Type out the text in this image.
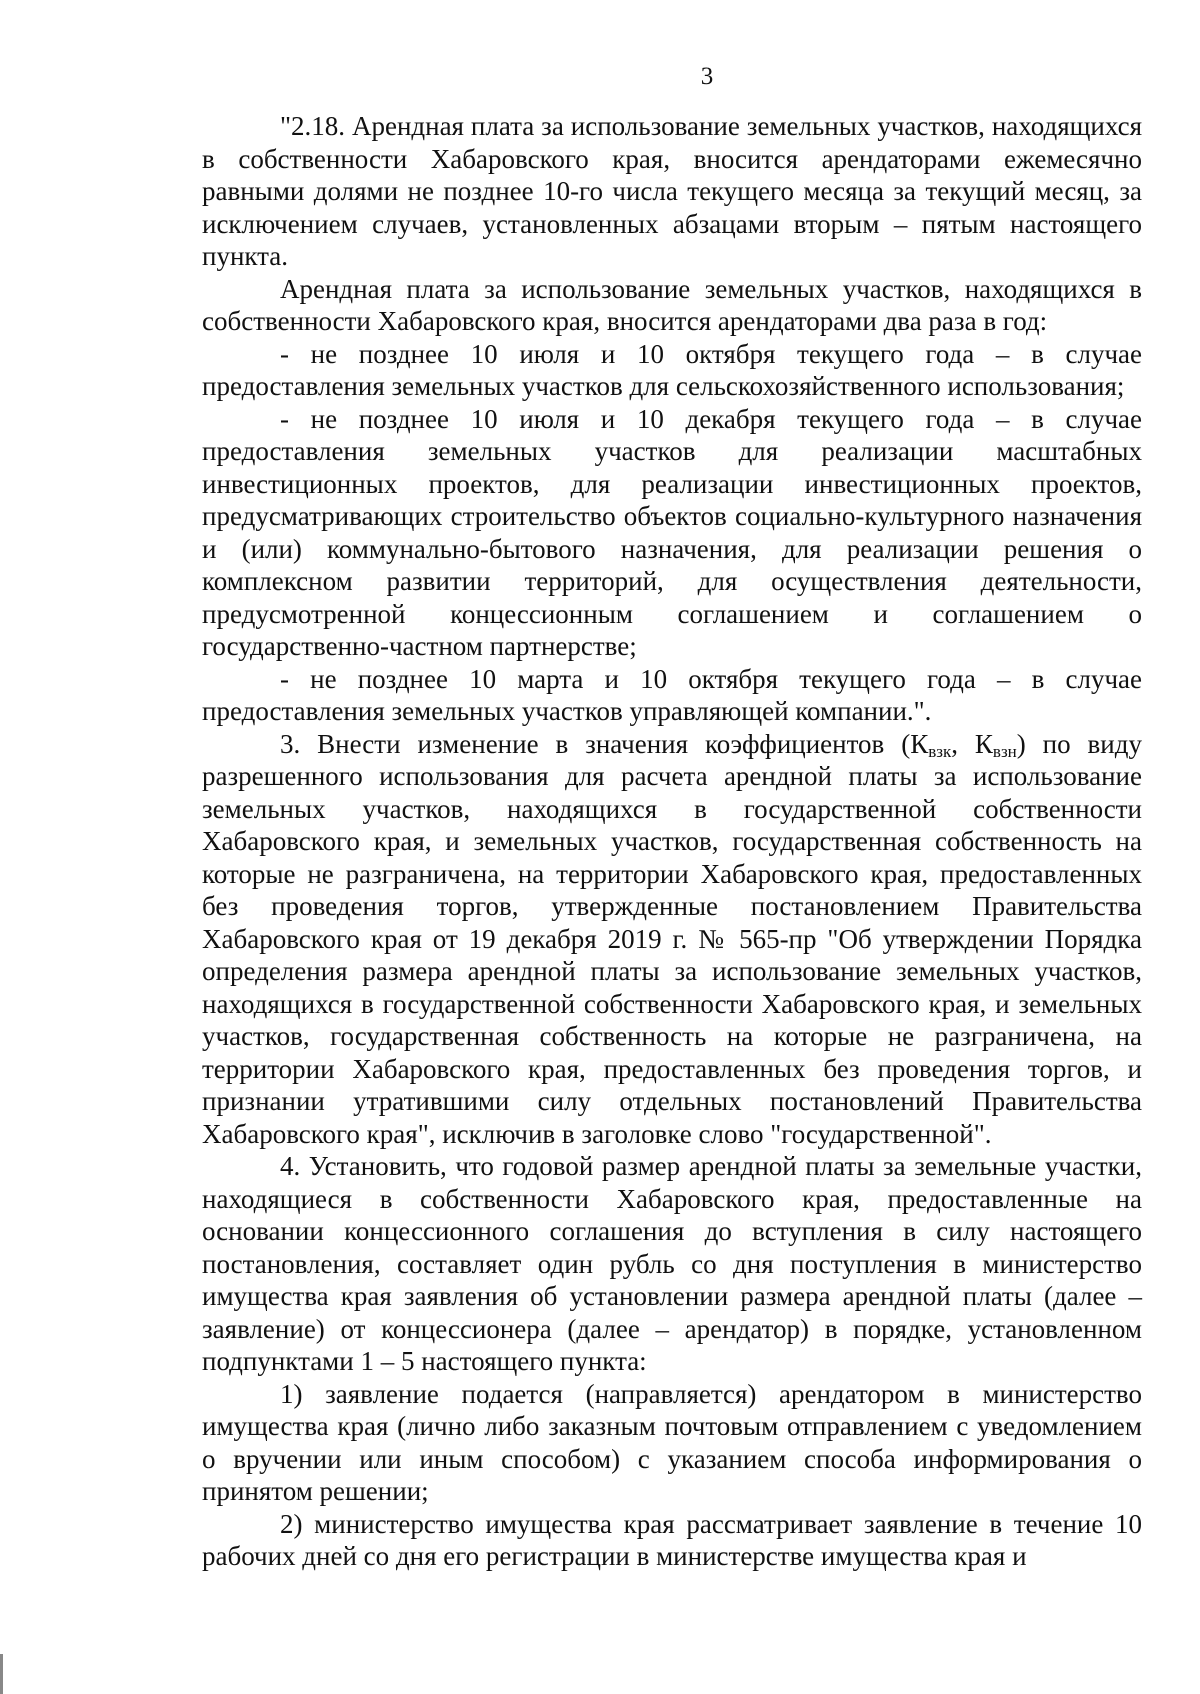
3

"2.18. Арендная плата за использование земельных участков, находящихся в собственности Хабаровского края, вносится арендаторами ежемесячно равными долями не позднее 10-го числа текущего месяца за текущий месяц, за исключением случаев, установленных абзацами вторым – пятым настоящего пункта.

Арендная плата за использование земельных участков, находящихся в собственности Хабаровского края, вносится арендаторами два раза в год:

- не позднее 10 июля и 10 октября текущего года – в случае предоставления земельных участков для сельскохозяйственного использования;

- не позднее 10 июля и 10 декабря текущего года – в случае предоставления земельных участков для реализации масштабных инвестиционных проектов, для реализации инвестиционных проектов, предусматривающих строительство объектов социально-культурного назначения и (или) коммунально-бытового назначения, для реализации решения о комплексном развитии территорий, для осуществления деятельности, предусмотренной концессионным соглашением и соглашением о государственно-частном партнерстве;

- не позднее 10 марта и 10 октября текущего года – в случае предоставления земельных участков управляющей компании.".

3. Внести изменение в значения коэффициентов ($К_{взк}$, $К_{взн}$) по виду разрешенного использования для расчета арендной платы за использование земельных участков, находящихся в государственной собственности Хабаровского края, и земельных участков, государственная собственность на которые не разграничена, на территории Хабаровского края, предоставленных без проведения торгов, утвержденные постановлением Правительства Хабаровского края от 19 декабря 2019 г. № 565-пр "Об утверждении Порядка определения размера арендной платы за использование земельных участков, находящихся в государственной собственности Хабаровского края, и земельных участков, государственная собственность на которые не разграничена, на территории Хабаровского края, предоставленных без проведения торгов, и признании утратившими силу отдельных постановлений Правительства Хабаровского края", исключив в заголовке слово "государственной".

4. Установить, что годовой размер арендной платы за земельные участки, находящиеся в собственности Хабаровского края, предоставленные на основании концессионного соглашения до вступления в силу настоящего постановления, составляет один рубль со дня поступления в министерство имущества края заявления об установлении размера арендной платы (далее – заявление) от концессионера (далее – арендатор) в порядке, установленном подпунктами 1 – 5 настоящего пункта:

1) заявление подается (направляется) арендатором в министерство имущества края (лично либо заказным почтовым отправлением с уведомлением о вручении или иным способом) с указанием способа информирования о принятом решении;

2) министерство имущества края рассматривает заявление в течение 10 рабочих дней со дня его регистрации в министерстве имущества края и
